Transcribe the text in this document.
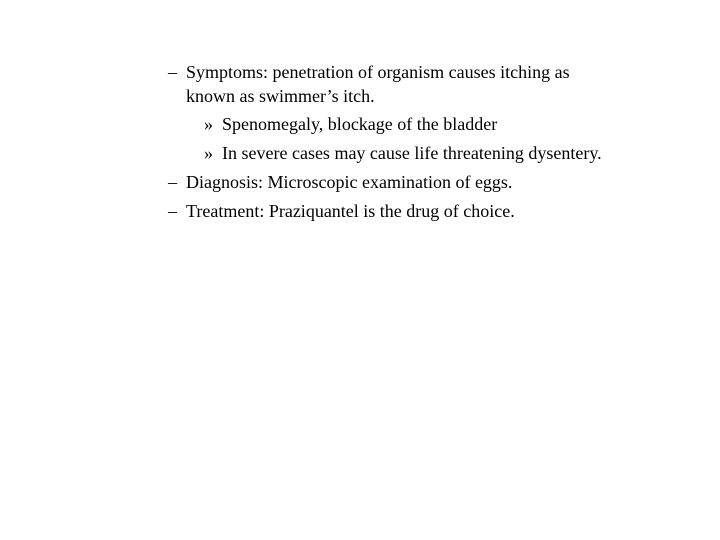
– Symptoms: penetration of organism causes itching as
known as swimmer’s itch.
» Spenomegaly, blockage of the bladder
» In severe cases may cause life threatening dysentery.
– Diagnosis: Microscopic examination of eggs.
– Treatment: Praziquantel is the drug of choice.
